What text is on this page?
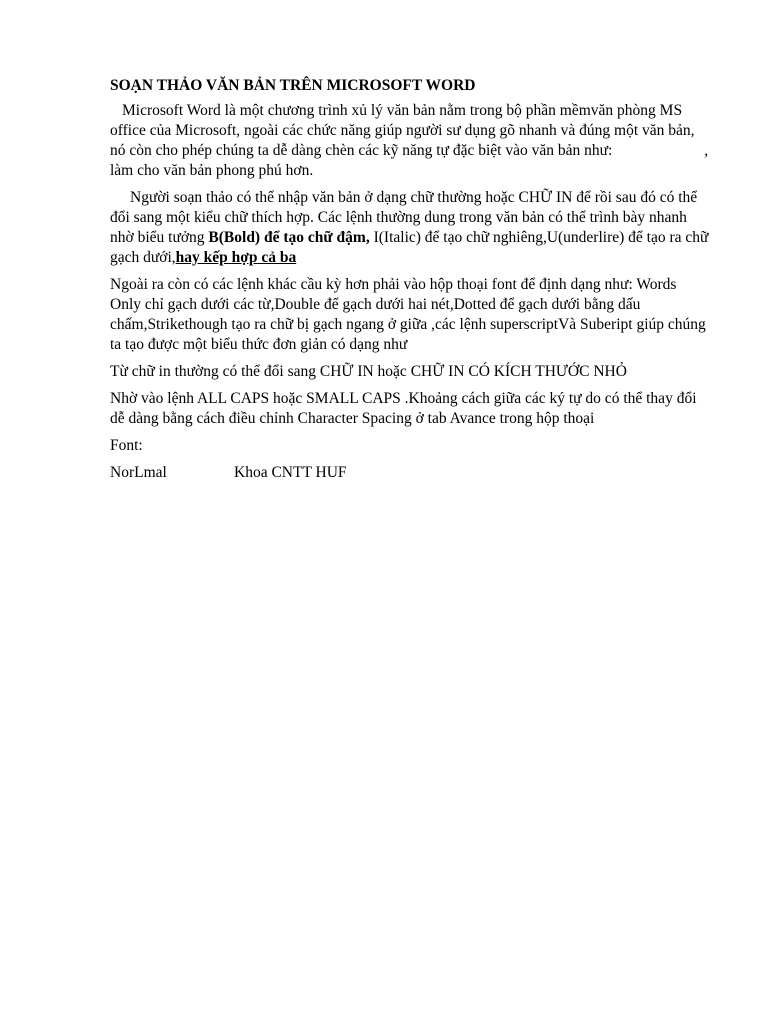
SOẠN THẢO VĂN BẢN TRÊN MICROSOFT WORD
Microsoft Word là một chương trình xủ lý văn bản nằm trong bộ phần mềmvăn phòng MS office của Microsoft, ngoài các chức năng giúp người sư dụng gõ nhanh và đúng một văn bản, nó còn cho phép chúng ta dễ dàng chèn các kỹ năng tự đặc biệt vào văn bản như:	, làm cho văn bản phong phú hơn.
Người soạn thảo có thể nhập văn bản ở dạng chữ thường hoặc CHỮ IN để rồi sau đó có thể đổi sang một kiểu chữ thích hợp. Các lệnh thường dung trong văn bản có thể trình bày nhanh nhờ biểu tưởng B(Bold) để tạo chữ đậm, I(Italic) để tạo chữ nghiêng,U(underlire) để tạo ra chữ gạch dưới,hay kếp hợp cả ba
Ngoài ra còn có các lệnh khác cầu kỳ hơn phải vào hộp thoại font để định dạng như: Words Only chỉ gạch dưới các từ,Double để gạch dưới hai nét,Dotted để gạch dưới bằng dấu chấm,Strikethough tạo ra chữ bị gạch ngang ở giữa ,các lệnh superscriptVà Subeript giúp chúng ta tạo được một biểu thức đơn giản có dạng như
Từ chữ in thường có thể đổi sang CHỮ IN hoặc CHỮ IN CÓ KÍCH THƯỚC NHỎ
Nhờ vào lệnh ALL CAPS hoặc SMALL CAPS .Khoảng cách giữa các ký tự do có thể thay đổi dễ dàng bằng cách điều chỉnh Character Spacing ở tab Avance trong hộp thoại
Font:
NorLmal	Khoa CNTT HUF
